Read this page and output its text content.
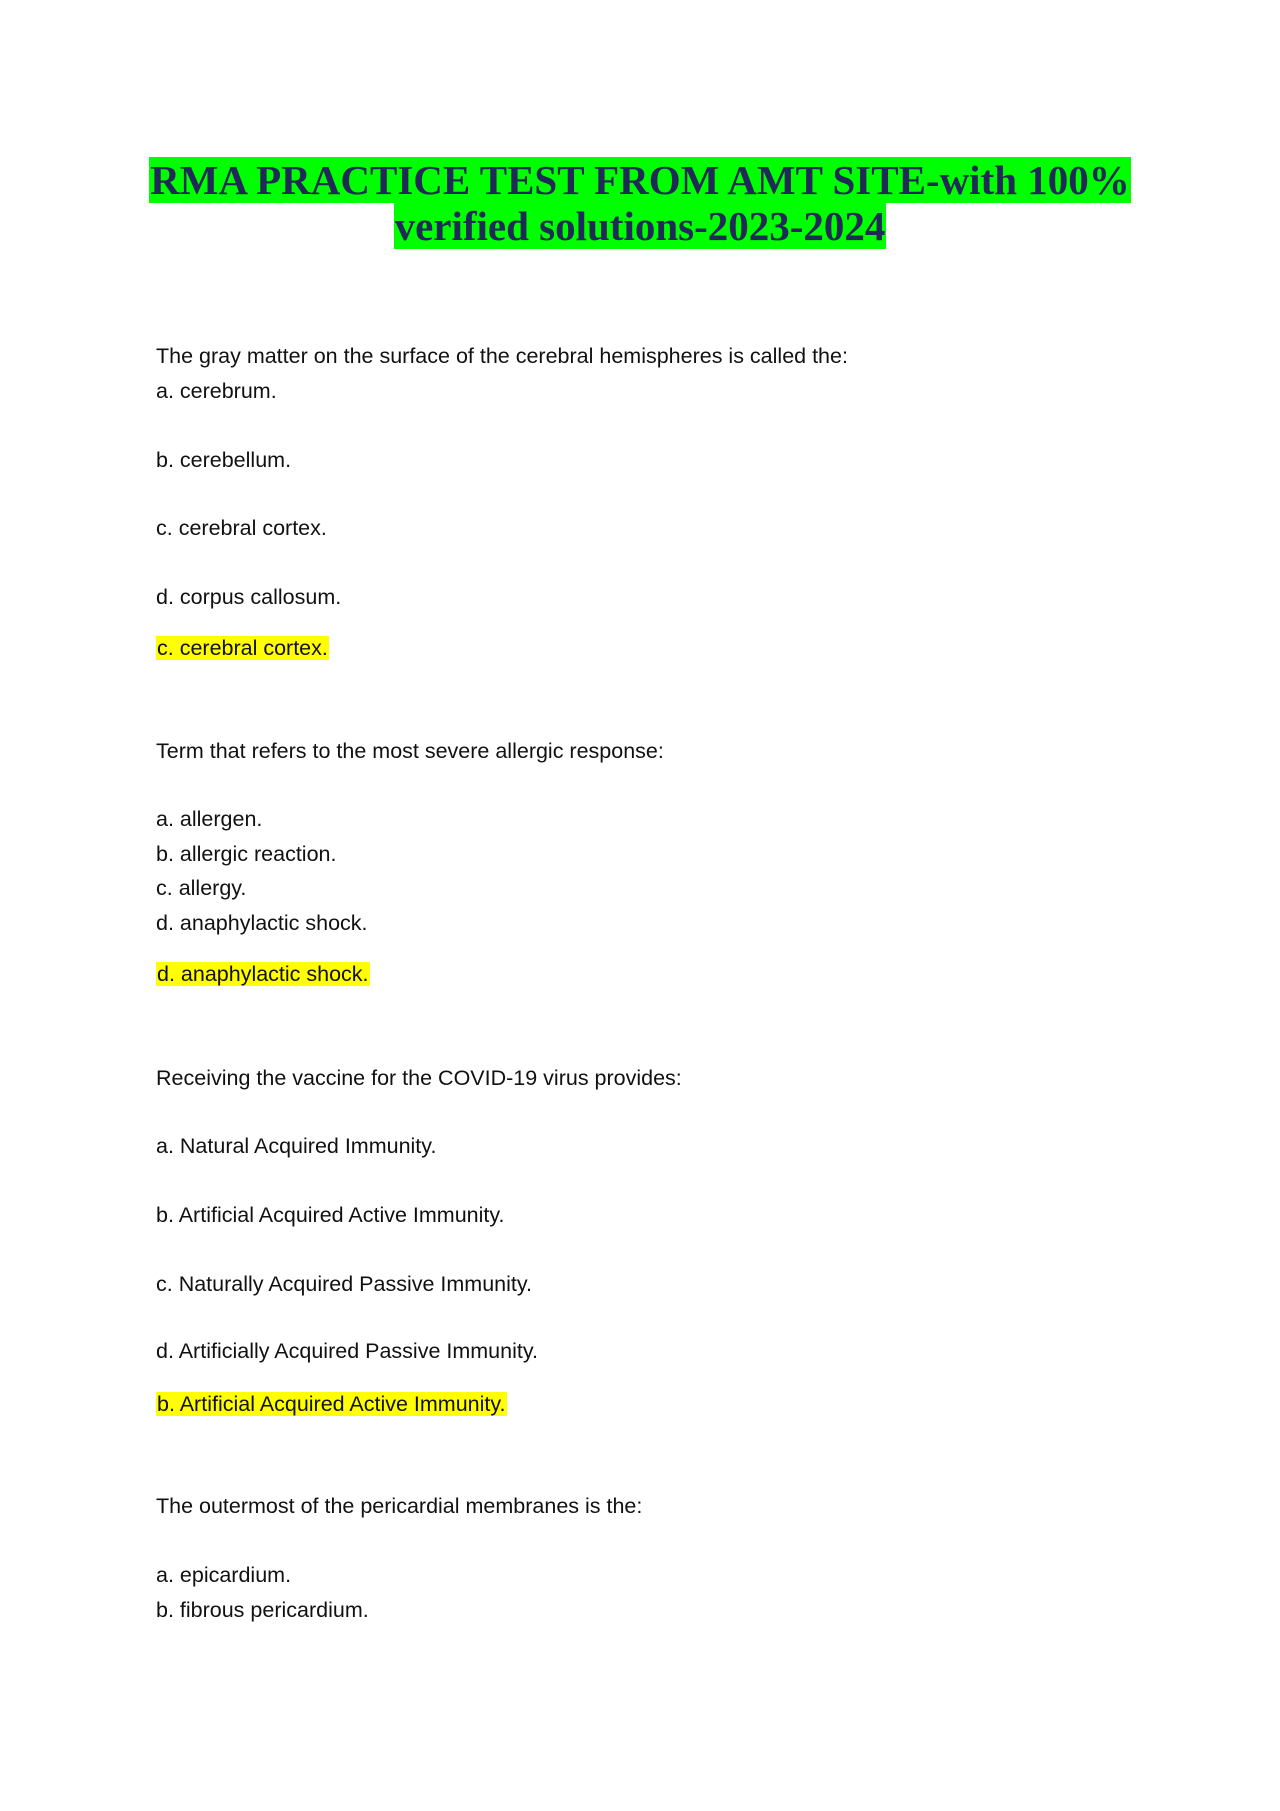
RMA PRACTICE TEST FROM AMT SITE-with 100%
verified solutions-2023-2024
The gray matter on the surface of the cerebral hemispheres is called the:
a. cerebrum.
b. cerebellum.
c. cerebral cortex.
d. corpus callosum.
c. cerebral cortex.
Term that refers to the most severe allergic response:
a. allergen.
b. allergic reaction.
c. allergy.
d. anaphylactic shock.
d. anaphylactic shock.
Receiving the vaccine for the COVID-19 virus provides:
a. Natural Acquired Immunity.
b. Artificial Acquired Active Immunity.
c. Naturally Acquired Passive Immunity.
d. Artificially Acquired Passive Immunity.
b. Artificial Acquired Active Immunity.
The outermost of the pericardial membranes is the:
a. epicardium.
b. fibrous pericardium.
